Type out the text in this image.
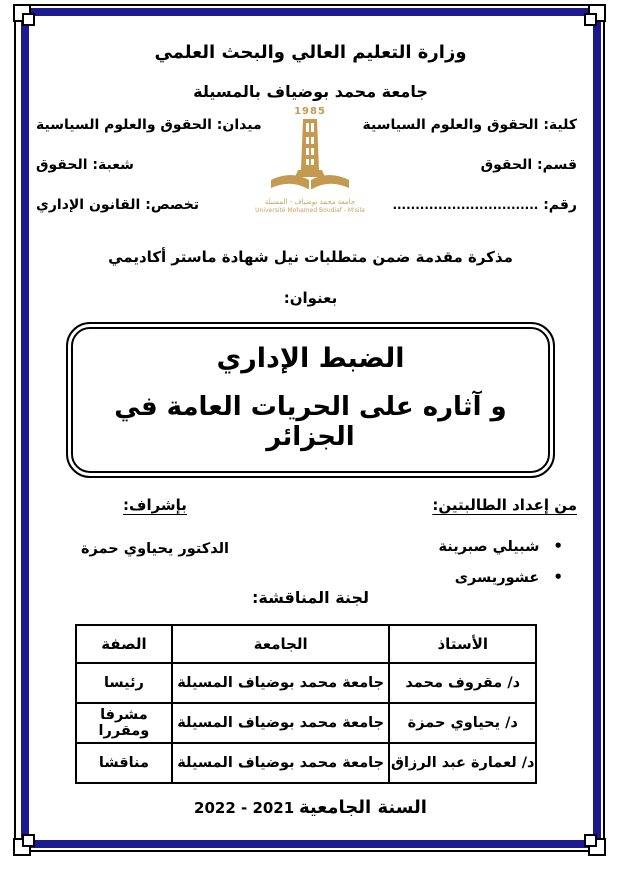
وزارة التعليم العالي والبحث العلمي
جامعة محمد بوضياف بالمسيلة
كلية: الحقوق والعلوم السياسية
قسم: الحقوق
رقم: ................................
ميدان: الحقوق والعلوم السياسية
شعبة: الحقوق
تخصص: القانون الإداري
1985
جامعة محمد بوضياف - المسيلة
Université Mohamed Boudiaf - M'sila
مذكرة مقدمة ضمن متطلبات نيل شهادة ماستر أكاديمي
بعنوان:
الضبط الإداري
و آثاره على الحريات العامة في الجزائر
من إعداد الطالبتين:
بإشراف:
• شبيلي صبرينة
• عشوريسرى
الدكتور يحياوي حمزة
لجنة المناقشة:
الأستاذ	الجامعة	الصفة
د/ مقروف محمد	جامعة محمد بوضياف المسيلة	رئيسا
د/ يحياوي حمزة	جامعة محمد بوضياف المسيلة	مشرفا ومقررا
د/ لعمارة عبد الرزاق	جامعة محمد بوضياف المسيلة	مناقشا
السنة الجامعية 2021 - 2022
